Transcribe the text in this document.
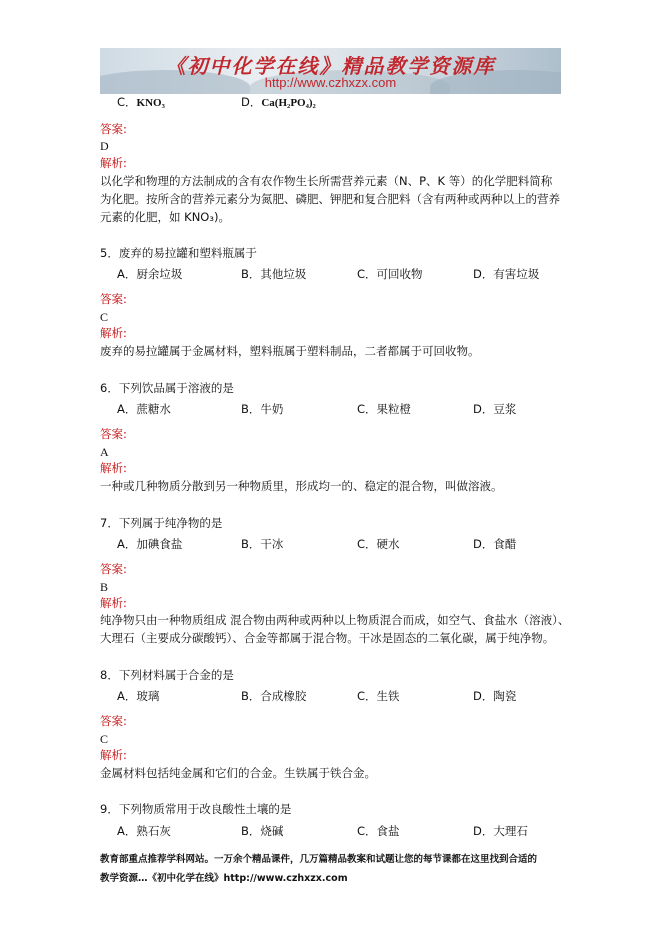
《初中化学在线》精品教学资源库
http://www.czhxzx.com
C．KNO₃	D．Ca(H₂PO₄)₂
答案:
D
解析:
以化学和物理的方法制成的含有农作物生长所需营养元素（N、P、K 等）的化学肥料简称
为化肥。按所含的营养元素分为氮肥、磷肥、钾肥和复合肥料（含有两种或两种以上的营养
元素的化肥，如 KNO₃)。
5．废弃的易拉罐和塑料瓶属于
A．厨余垃圾	B．其他垃圾	C．可回收物	D．有害垃圾
答案:
C
解析:
废弃的易拉罐属于金属材料，塑料瓶属于塑料制品，二者都属于可回收物。
6．下列饮品属于溶液的是
A．蔗糖水	B．牛奶	C．果粒橙	D．豆浆
答案:
A
解析:
一种或几种物质分散到另一种物质里，形成均一的、稳定的混合物，叫做溶液。
7．下列属于纯净物的是
A．加碘食盐	B．干冰	C．硬水	D．食醋
答案:
B
解析:
纯净物只由一种物质组成 混合物由两种或两种以上物质混合而成，如空气、食盐水（溶液）、
大理石（主要成分碳酸钙）、合金等都属于混合物。干冰是固态的二氧化碳，属于纯净物。
8．下列材料属于合金的是
A．玻璃	B．合成橡胶	C．生铁	D．陶瓷
答案:
C
解析:
金属材料包括纯金属和它们的合金。生铁属于铁合金。
9．下列物质常用于改良酸性土壤的是
A．熟石灰	B．烧碱	C．食盐	D．大理石
教育部重点推荐学科网站。一万余个精品课件，几万篇精品教案和试题让您的每节课都在这里找到合适的
教学资源…《初中化学在线》http://www.czhxzx.com
